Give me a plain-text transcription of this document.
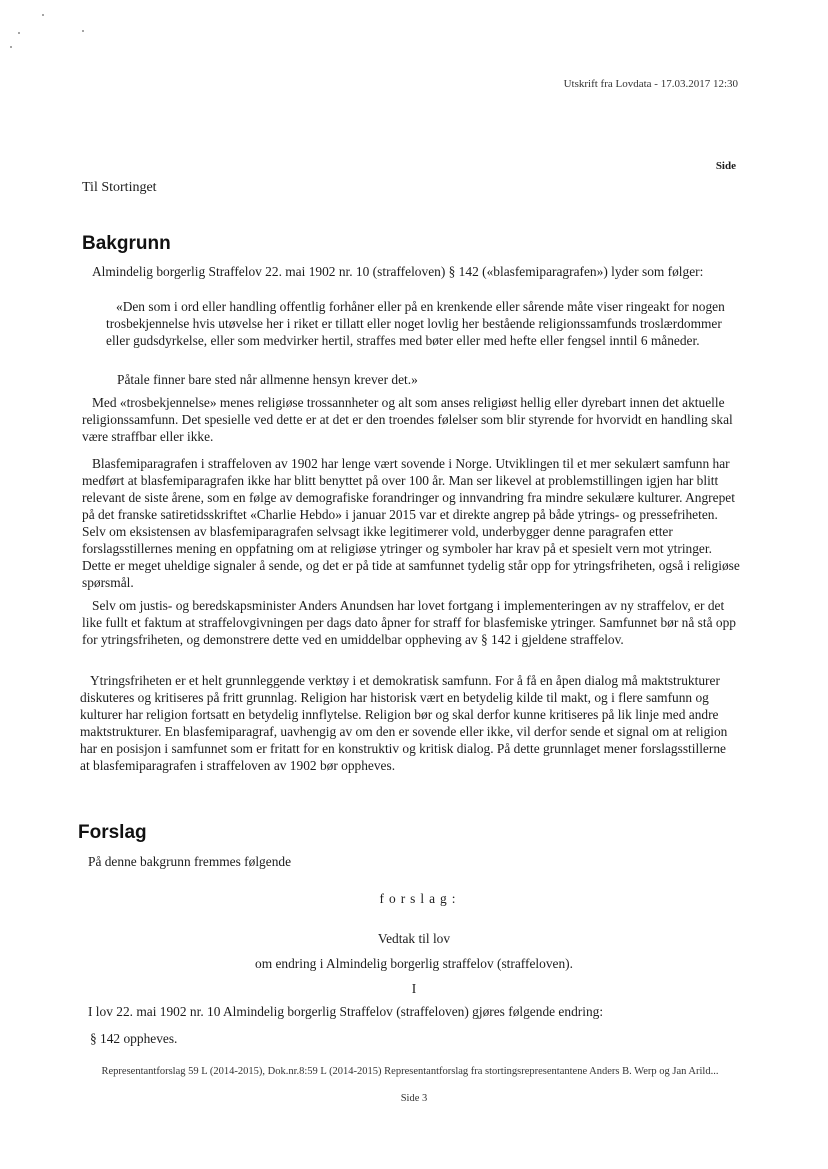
Utskrift fra Lovdata - 17.03.2017 12:30
Side
Til Stortinget
Bakgrunn

Almindelig borgerlig Straffelov 22. mai 1902 nr. 10 (straffeloven) § 142 («blasfemiparagrafen») lyder som følger:

«Den som i ord eller handling offentlig forhåner eller på en krenkende eller sårende måte viser ringeakt for nogen trosbekjennelse hvis utøvelse her i riket er tillatt eller noget lovlig her bestående religionssamfunds troslærdommer eller gudsdyrkelse, eller som medvirker hertil, straffes med bøter eller med hefte eller fengsel inntil 6 måneder.

Påtale finner bare sted når allmenne hensyn krever det.»

Med «trosbekjennelse» menes religiøse trossannheter og alt som anses religiøst hellig eller dyrebart innen det aktuelle religionssamfunn. Det spesielle ved dette er at det er den troendes følelser som blir styrende for hvorvidt en handling skal være straffbar eller ikke.

Blasfemiparagrafen i straffeloven av 1902 har lenge vært sovende i Norge. Utviklingen til et mer sekulært samfunn har medført at blasfemiparagrafen ikke har blitt benyttet på over 100 år. Man ser likevel at problemstillingen igjen har blitt relevant de siste årene, som en følge av demografiske forandringer og innvandring fra mindre sekulære kulturer. Angrepet på det franske satiretidsskriftet «Charlie Hebdo» i januar 2015 var et direkte angrep på både ytrings- og pressefriheten. Selv om eksistensen av blasfemiparagrafen selvsagt ikke legitimerer vold, underbygger denne paragrafen etter forslagsstillernes mening en oppfatning om at religiøse ytringer og symboler har krav på et spesielt vern mot ytringer. Dette er meget uheldige signaler å sende, og det er på tide at samfunnet tydelig står opp for ytringsfriheten, også i religiøse spørsmål.

Selv om justis- og beredskapsminister Anders Anundsen har lovet fortgang i implementeringen av ny straffelov, er det like fullt et faktum at straffelovgivningen per dags dato åpner for straff for blasfemiske ytringer. Samfunnet bør nå stå opp for ytringsfriheten, og demonstrere dette ved en umiddelbar oppheving av § 142 i gjeldene straffelov.

Ytringsfriheten er et helt grunnleggende verktøy i et demokratisk samfunn. For å få en åpen dialog må maktstrukturer diskuteres og kritiseres på fritt grunnlag. Religion har historisk vært en betydelig kilde til makt, og i flere samfunn og kulturer har religion fortsatt en betydelig innflytelse. Religion bør og skal derfor kunne kritiseres på lik linje med andre maktstrukturer. En blasfemiparagraf, uavhengig av om den er sovende eller ikke, vil derfor sende et signal om at religion har en posisjon i samfunnet som er fritatt for en konstruktiv og kritisk dialog. På dette grunnlaget mener forslagsstillerne at blasfemiparagrafen i straffeloven av 1902 bør oppheves.

Forslag

På denne bakgrunn fremmes følgende

forslag:
Vedtak til lov
om endring i Almindelig borgerlig straffelov (straffeloven).
I

I lov 22. mai 1902 nr. 10 Almindelig borgerlig Straffelov (straffeloven) gjøres følgende endring:

§ 142 oppheves.

Representantforslag 59 L (2014-2015), Dok.nr.8:59 L (2014-2015) Representantforslag fra stortingsrepresentantene Anders B. Werp og Jan Arild...
Side 3
